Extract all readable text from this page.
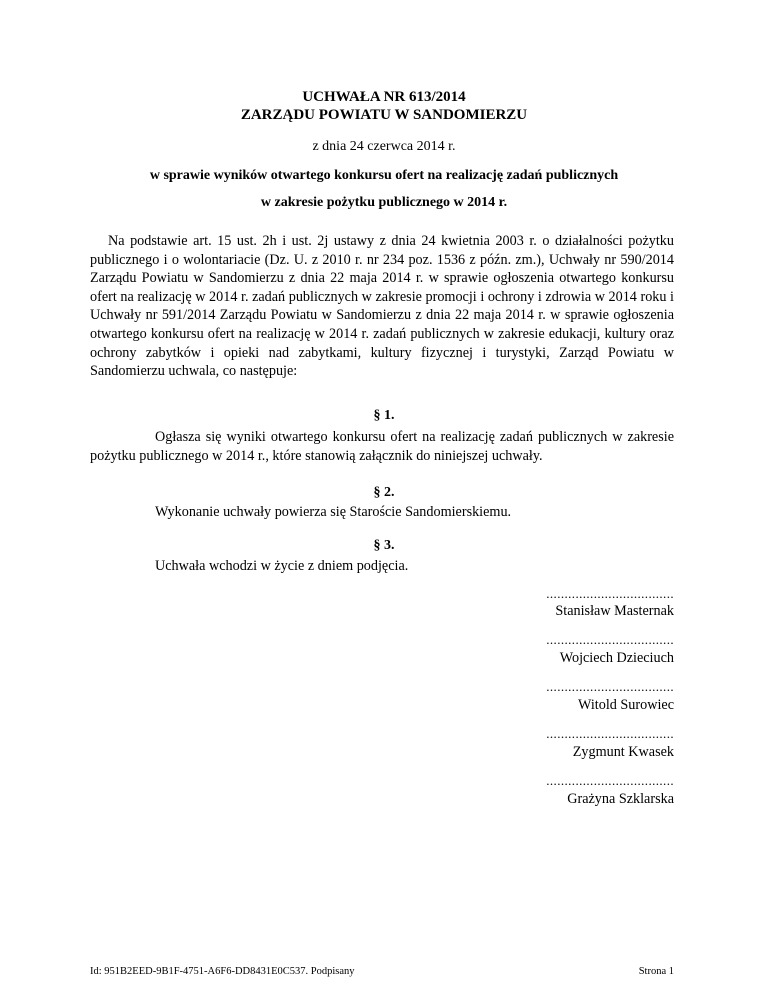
UCHWAŁA NR 613/2014
ZARZĄDU POWIATU W SANDOMIERZU
z dnia 24 czerwca 2014 r.
w sprawie wyników otwartego konkursu ofert na realizację zadań publicznych
w zakresie pożytku publicznego w 2014 r.

Na podstawie art. 15 ust. 2h i ust. 2j ustawy z dnia 24 kwietnia 2003 r. o działalności pożytku publicznego i o wolontariacie (Dz. U. z 2010 r. nr 234 poz. 1536 z późn. zm.), Uchwały nr 590/2014 Zarządu Powiatu w Sandomierzu z dnia 22 maja 2014 r. w sprawie ogłoszenia otwartego konkursu ofert na realizację w 2014 r. zadań publicznych w zakresie promocji i ochrony i zdrowia w 2014 roku i Uchwały nr 591/2014 Zarządu Powiatu w Sandomierzu z dnia 22 maja 2014 r. w sprawie ogłoszenia otwartego konkursu ofert na realizację w 2014 r. zadań publicznych w zakresie edukacji, kultury oraz ochrony zabytków i opieki nad zabytkami, kultury fizycznej i turystyki, Zarząd Powiatu w Sandomierzu uchwala, co następuje:

§ 1.

Ogłasza się wyniki otwartego konkursu ofert na realizację zadań publicznych w zakresie pożytku publicznego w 2014 r., które stanowią załącznik do niniejszej uchwały.

§ 2.
Wykonanie uchwały powierza się Staroście Sandomierskiemu.
§ 3.
Uchwała wchodzi w życie z dniem podjęcia.
...................................
Stanisław Masternak
...................................
Wojciech Dzieciuch
...................................
Witold Surowiec
...................................
Zygmunt Kwasek
...................................
Grażyna Szklarska
Id: 951B2EED-9B1F-4751-A6F6-DD8431E0C537. Podpisany	Strona 1
